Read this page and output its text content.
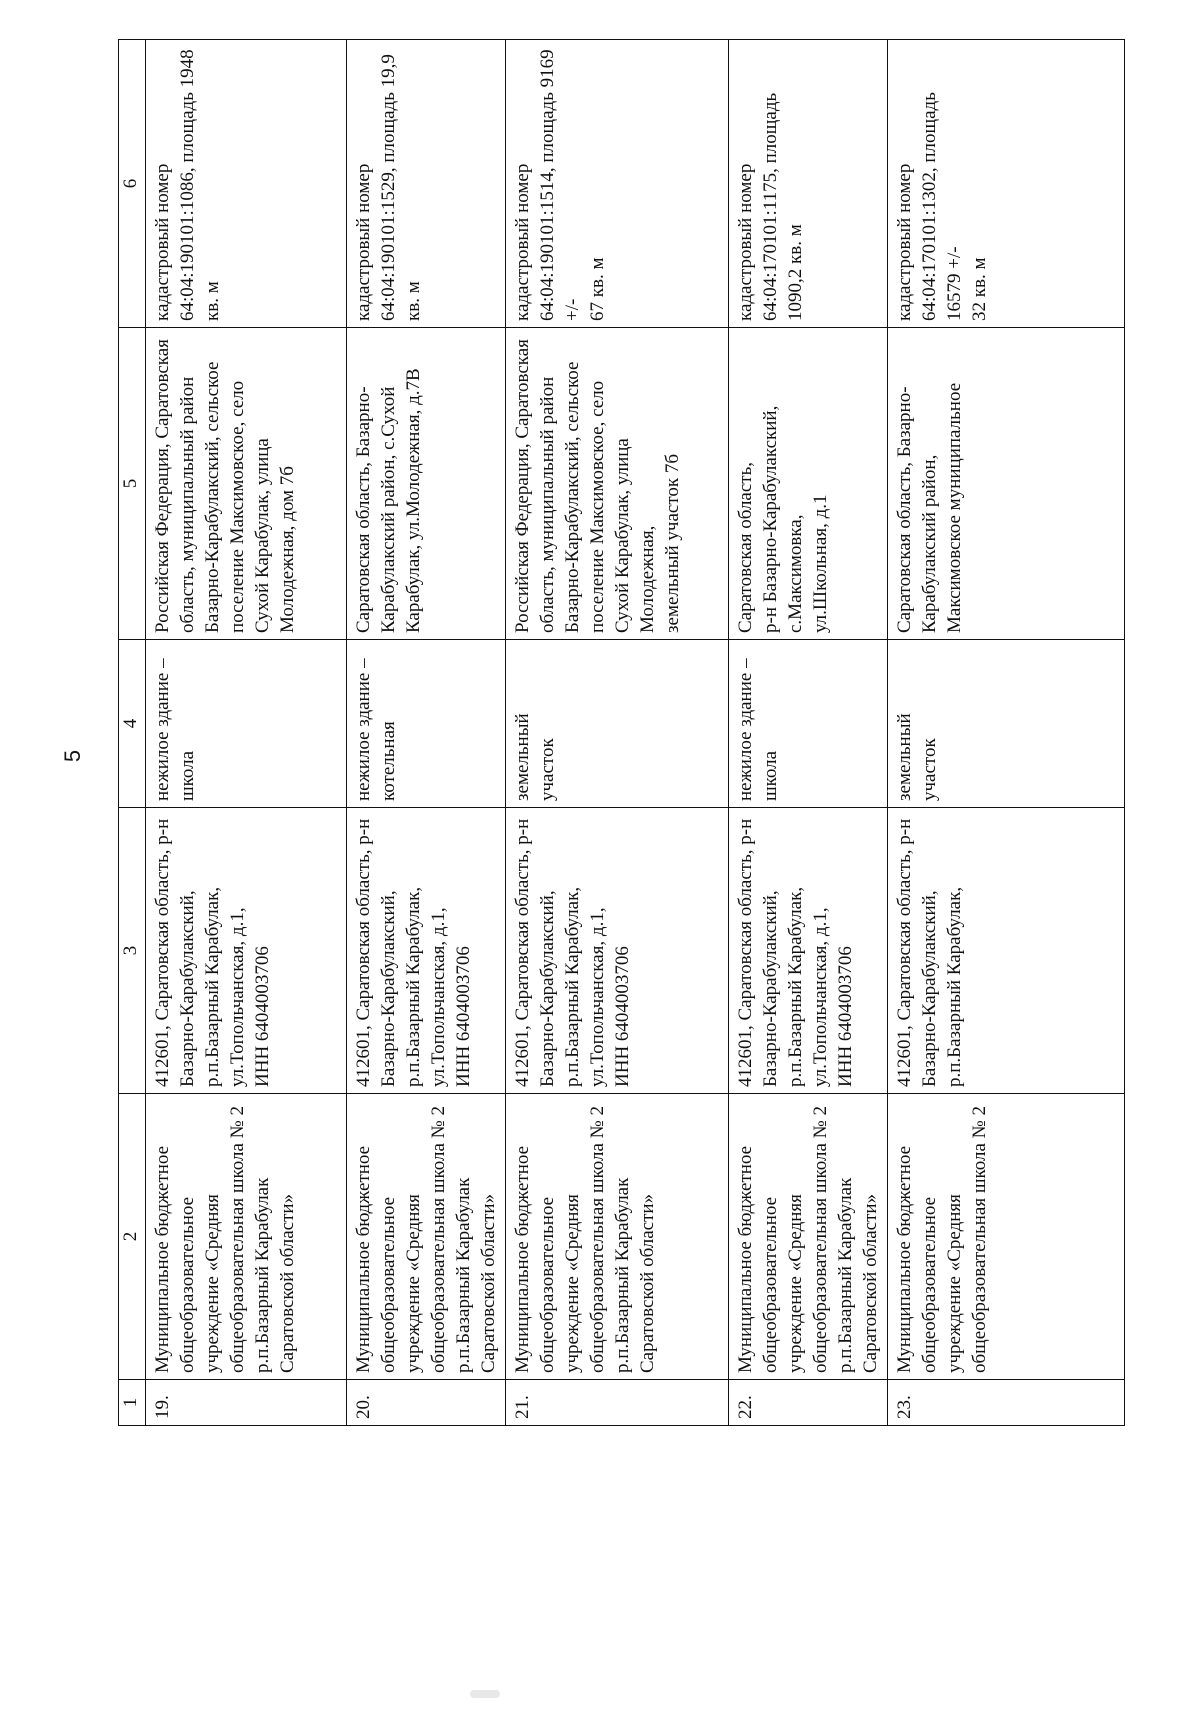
5
1	2	3	4	5	6
19.	Муниципальное бюджетное общеобразовательное учреждение «Средняя общеобразовательная школа № 2 р.п.Базарный Карабулак Саратовской области»	412601, Саратовская область, р-н Базарно-Карабулакский,
р.п.Базарный Карабулак,
ул.Топольчанская, д.1,
ИНН 6404003706	нежилое здание – школа	Российская Федерация, Саратовская область, муниципальный район Базарно-Карабулакский, сельское поселение Максимовское, село Сухой Карабулак, улица Молодежная, дом 7б	кадастровый номер 64:04:190101:1086, площадь 1948 кв. м
20.	Муниципальное бюджетное общеобразовательное учреждение «Средняя общеобразовательная школа № 2 р.п.Базарный Карабулак Саратовской области»	412601, Саратовская область, р-н Базарно-Карабулакский,
р.п.Базарный Карабулак,
ул.Топольчанская, д.1,
ИНН 6404003706	нежилое здание – котельная	Саратовская область, Базарно-Карабулакский район, с.Сухой Карабулак, ул.Молодежная, д.7В	кадастровый номер 64:04:190101:1529, площадь 19,9 кв. м
21.	Муниципальное бюджетное общеобразовательное учреждение «Средняя общеобразовательная школа № 2 р.п.Базарный Карабулак Саратовской области»	412601, Саратовская область, р-н Базарно-Карабулакский,
р.п.Базарный Карабулак,
ул.Топольчанская, д.1,
ИНН 6404003706	земельный участок	Российская Федерация, Саратовская область, муниципальный район Базарно-Карабулакский, сельское поселение Максимовское, село Сухой Карабулак, улица Молодежная,
земельный участок 7б	кадастровый номер 64:04:190101:1514, площадь 9169 +/-
67 кв. м
22.	Муниципальное бюджетное общеобразовательное учреждение «Средняя общеобразовательная школа № 2 р.п.Базарный Карабулак Саратовской области»	412601, Саратовская область, р-н Базарно-Карабулакский,
р.п.Базарный Карабулак,
ул.Топольчанская, д.1,
ИНН 6404003706	нежилое здание – школа	Саратовская область,
р-н Базарно-Карабулакский,
с.Максимовка,
ул.Школьная, д.1	кадастровый номер 64:04:170101:1175, площадь 1090,2 кв. м
23.	Муниципальное бюджетное общеобразовательное учреждение «Средняя общеобразовательная школа № 2	412601, Саратовская область, р-н Базарно-Карабулакский,
р.п.Базарный Карабулак,	земельный участок	Саратовская область, Базарно-Карабулакский район, Максимовское муниципальное	кадастровый номер 64:04:170101:1302, площадь 16579 +/-
32 кв. м
